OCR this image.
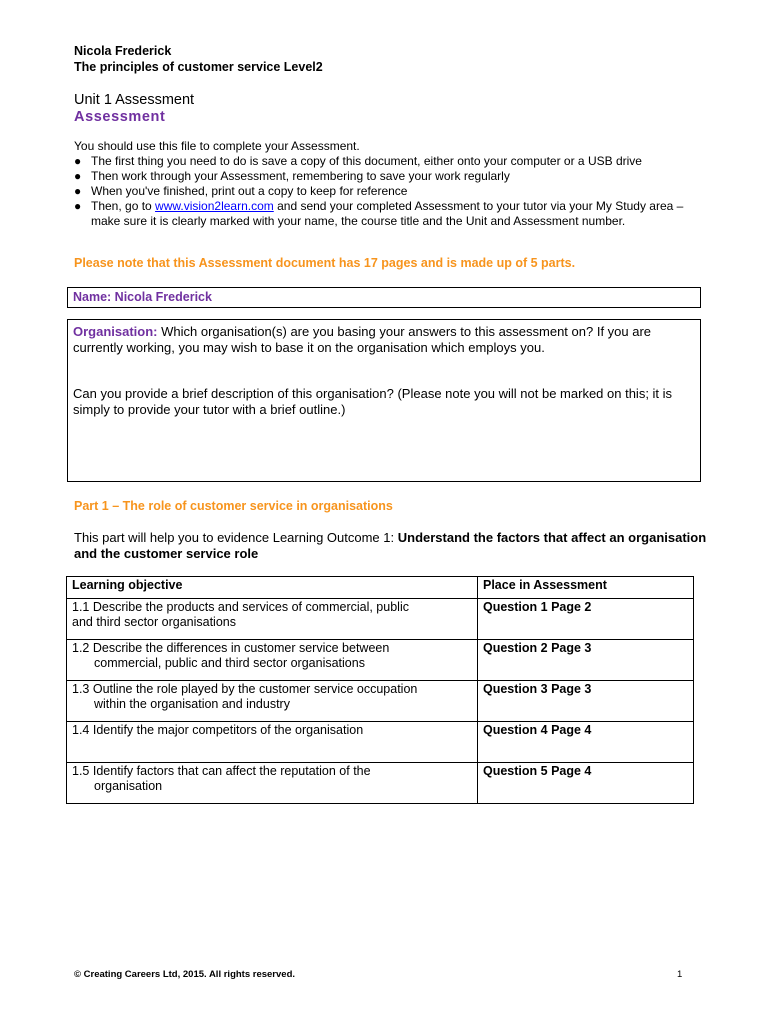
Nicola Frederick
The principles of customer service Level2
Unit 1 Assessment
Assessment

You should use this file to complete your Assessment.

● The first thing you need to do is save a copy of this document, either onto your computer or a USB drive
● Then work through your Assessment, remembering to save your work regularly
● When you've finished, print out a copy to keep for reference
● Then, go to www.vision2learn.com and send your completed Assessment to your tutor via your My Study area – make sure it is clearly marked with your name, the course title and the Unit and Assessment number.
Please note that this Assessment document has 17 pages and is made up of 5 parts.
Name: Nicola Frederick
Organisation: Which organisation(s) are you basing your answers to this assessment on? If you are currently working, you may wish to base it on the organisation which employs you.
Can you provide a brief description of this organisation? (Please note you will not be marked on this; it is simply to provide your tutor with a brief outline.)
Part 1 – The role of customer service in organisations
This part will help you to evidence Learning Outcome 1: Understand the factors that affect an organisation and the customer service role
Learning objective	Place in Assessment
1.1 Describe the products and services of commercial, public
and third sector organisations	Question 1 Page 2
1.2 Describe the differences in customer service between
commercial, public and third sector organisations	Question 2 Page 3
1.3 Outline the role played by the customer service occupation
within the organisation and industry	Question 3 Page 3
1.4 Identify the major competitors of the organisation	Question 4 Page 4
1.5 Identify factors that can affect the reputation of the
organisation	Question 5 Page 4
© Creating Careers Ltd, 2015. All rights reserved.	1
